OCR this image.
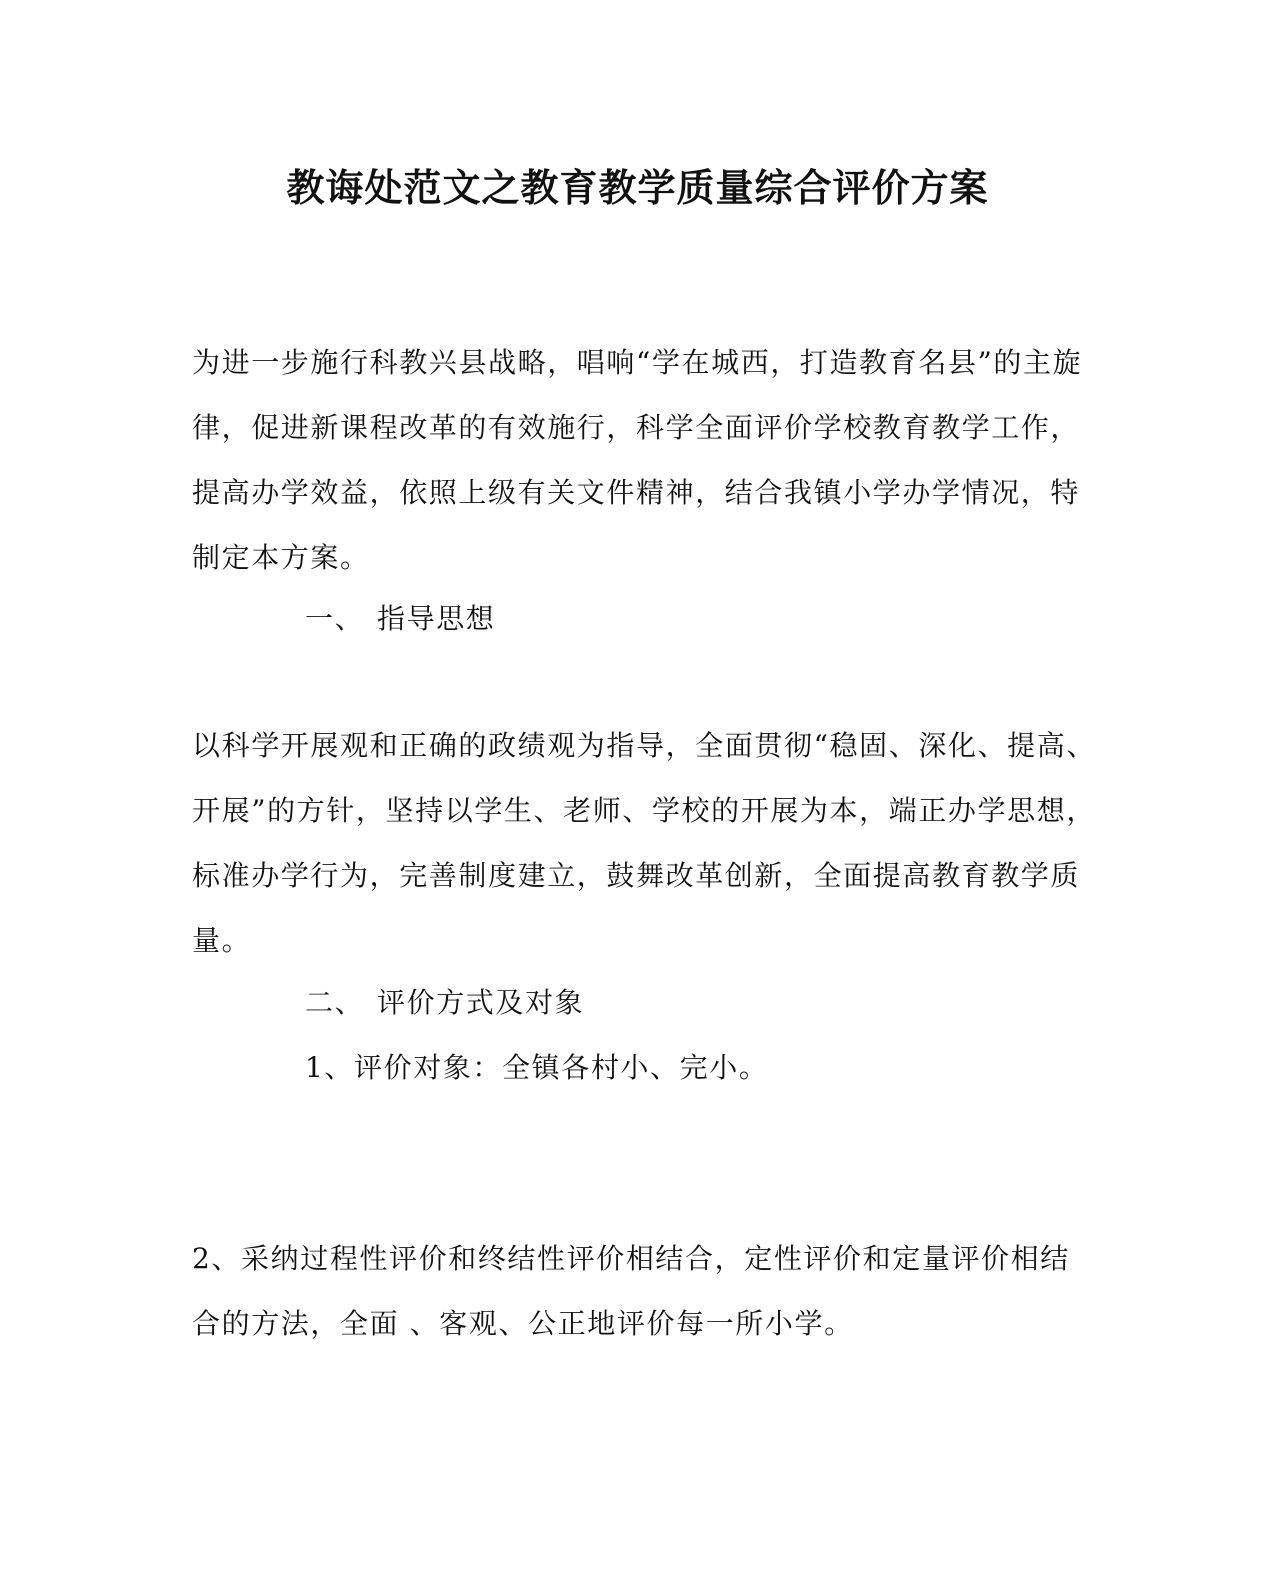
教诲处范文之教育教学质量综合评价方案
为进一步施行科教兴县战略，唱响“学在城西，打造教育名县”的主旋
律，促进新课程改革的有效施行，科学全面评价学校教育教学工作，
提高办学效益，依照上级有关文件精神，结合我镇小学办学情况，特
制定本方案。
一、 指导思想
以科学开展观和正确的政绩观为指导，全面贯彻“稳固、深化、提高、
开展”的方针，坚持以学生、老师、学校的开展为本，端正办学思想，
标准办学行为，完善制度建立，鼓舞改革创新，全面提高教育教学质
量。
二、 评价方式及对象
1、评价对象：全镇各村小、完小。
2、采纳过程性评价和终结性评价相结合，定性评价和定量评价相结
合的方法，全面 、客观、公正地评价每一所小学。
